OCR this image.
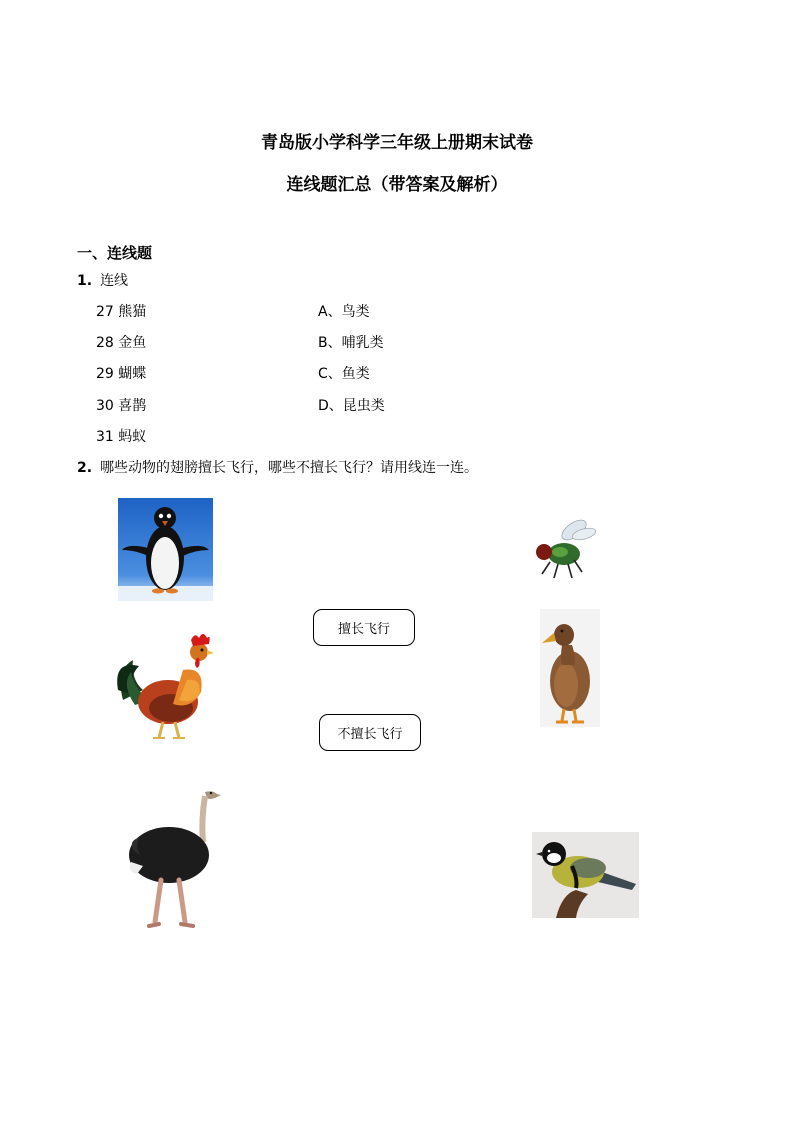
青岛版小学科学三年级上册期末试卷
连线题汇总（带答案及解析）
一、连线题
1. 连线
27 熊猫
28 金鱼
29 蝴蝶
30 喜鹊
31 蚂蚁
A、鸟类
B、哺乳类
C、鱼类
D、昆虫类
2. 哪些动物的翅膀擅长飞行，哪些不擅长飞行？请用线连一连。
擅长飞行
不擅长飞行
